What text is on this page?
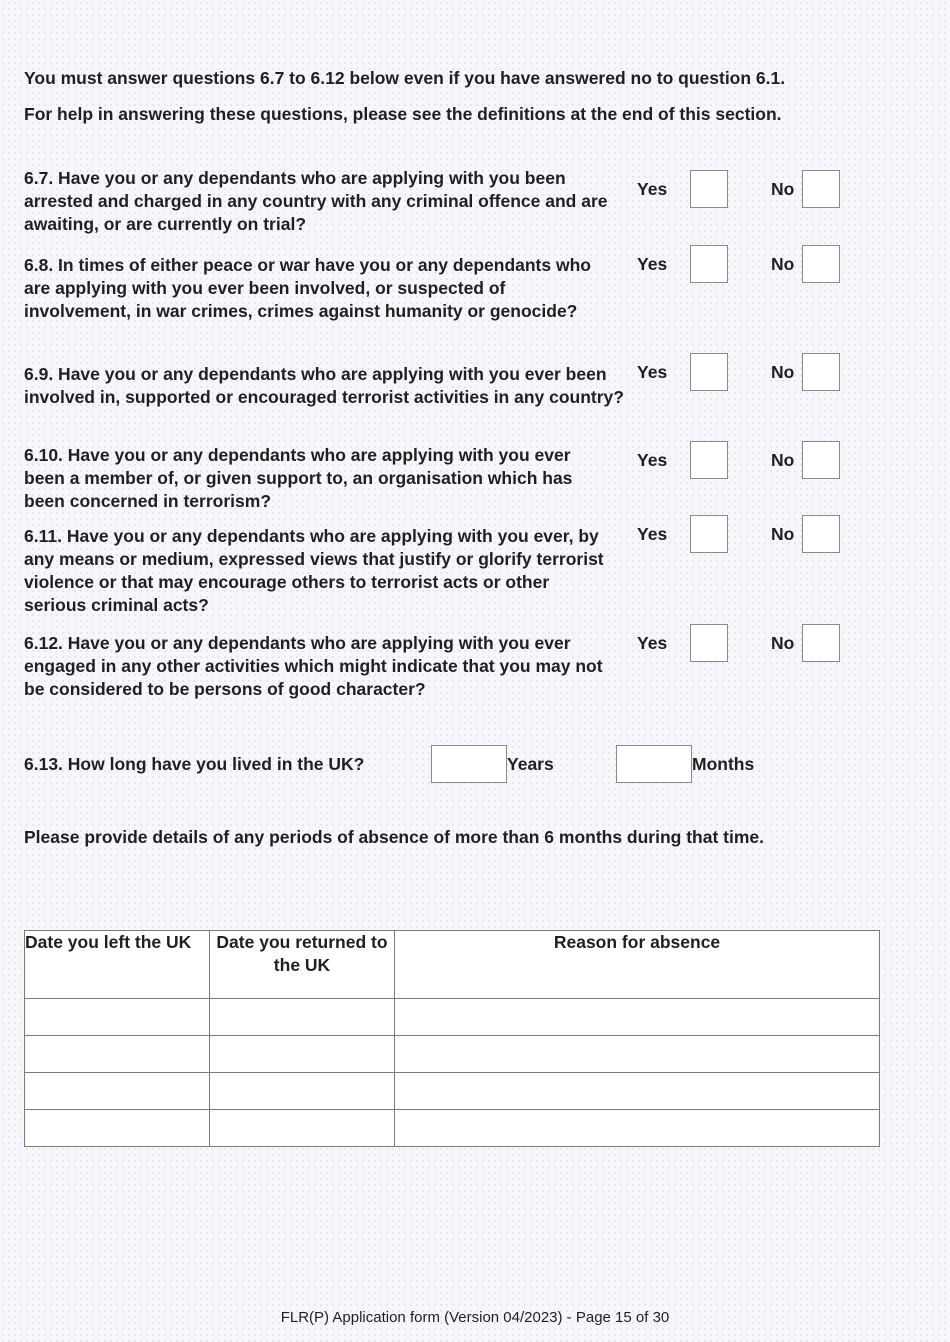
You must answer questions 6.7 to 6.12 below even if you have answered no to question 6.1.
For help in answering these questions, please see the definitions at the end of this section.
6.7. Have you or any dependants who are applying with you been arrested and charged in any country with any criminal offence and are awaiting, or are currently on trial?
Yes	No
6.8. In times of either peace or war have you or any dependants who are applying with you ever been involved, or suspected of involvement, in war crimes, crimes against humanity or genocide?
Yes	No
6.9. Have you or any dependants who are applying with you ever been involved in, supported or encouraged terrorist activities in any country?
Yes	No
6.10. Have you or any dependants who are applying with you ever been a member of, or given support to, an organisation which has been concerned in terrorism?
Yes	No
6.11. Have you or any dependants who are applying with you ever, by any means or medium, expressed views that justify or glorify terrorist violence or that may encourage others to terrorist acts or other serious criminal acts?
Yes	No
6.12. Have you or any dependants who are applying with you ever engaged in any other activities which might indicate that you may not be considered to be persons of good character?
Yes	No
6.13. How long have you lived in the UK?	Years	Months
Please provide details of any periods of absence of more than 6 months during that time.
Date you left the UK	Date you returned to the UK	Reason for absence

FLR(P) Application form (Version 04/2023) - Page 15 of 30
